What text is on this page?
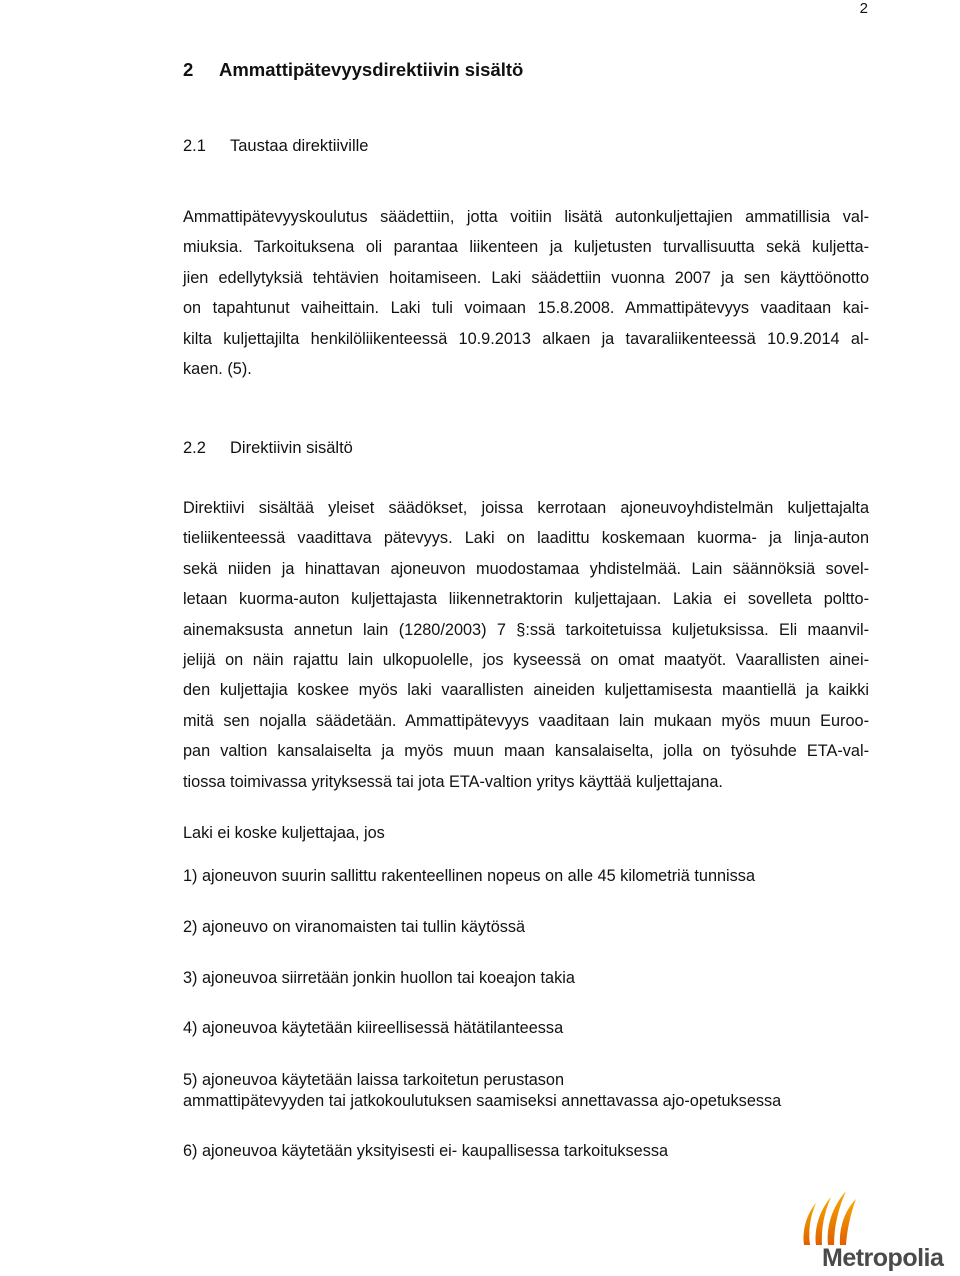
2
2 Ammattipätevyysdirektiivin sisältö
2.1 Taustaa direktiiville
Ammattipätevyyskoulutus säädettiin, jotta voitiin lisätä autonkuljettajien ammatillisia val-
miuksia. Tarkoituksena oli parantaa liikenteen ja kuljetusten turvallisuutta sekä kuljetta-
jien edellytyksiä tehtävien hoitamiseen. Laki säädettiin vuonna 2007 ja sen käyttöönotto
on tapahtunut vaiheittain. Laki tuli voimaan 15.8.2008. Ammattipätevyys vaaditaan kai-
kilta kuljettajilta henkilöliikenteessä 10.9.2013 alkaen ja tavaraliikenteessä 10.9.2014 al-
kaen. (5).
2.2 Direktiivin sisältö
Direktiivi sisältää yleiset säädökset, joissa kerrotaan ajoneuvoyhdistelmän kuljettajalta
tieliikenteessä vaadittava pätevyys. Laki on laadittu koskemaan kuorma- ja linja-auton
sekä niiden ja hinattavan ajoneuvon muodostamaa yhdistelmää. Lain säännöksiä sovel-
letaan kuorma-auton kuljettajasta liikennetraktorin kuljettajaan. Lakia ei sovelleta poltto-
ainemaksusta annetun lain (1280/2003) 7 §:ssä tarkoitetuissa kuljetuksissa. Eli maanvil-
jelijä on näin rajattu lain ulkopuolelle, jos kyseessä on omat maatyöt. Vaarallisten ainei-
den kuljettajia koskee myös laki vaarallisten aineiden kuljettamisesta maantiellä ja kaikki
mitä sen nojalla säädetään. Ammattipätevyys vaaditaan lain mukaan myös muun Euroo-
pan valtion kansalaiselta ja myös muun maan kansalaiselta, jolla on työsuhde ETA-val-
tiossa toimivassa yrityksessä tai jota ETA-valtion yritys käyttää kuljettajana.
Laki ei koske kuljettajaa, jos
1) ajoneuvon suurin sallittu rakenteellinen nopeus on alle 45 kilometriä tunnissa
2) ajoneuvo on viranomaisten tai tullin käytössä
3) ajoneuvoa siirretään jonkin huollon tai koeajon takia
4) ajoneuvoa käytetään kiireellisessä hätätilanteessa
5) ajoneuvoa käytetään laissa tarkoitetun perustason
ammattipätevyyden tai jatkokoulutuksen saamiseksi annettavassa ajo-opetuksessa
6) ajoneuvoa käytetään yksityisesti ei- kaupallisessa tarkoituksessa
Metropolia
